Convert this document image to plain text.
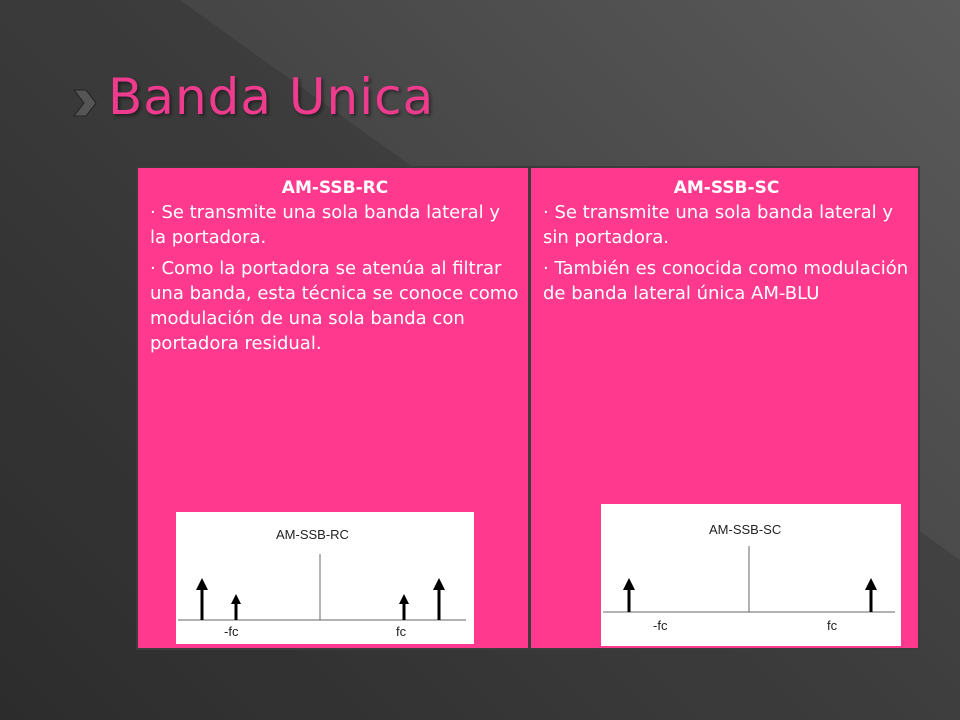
Banda Unica
AM-SSB-RC

· Se transmite una sola banda lateral y la portadora.

· Como la portadora se atenúa al filtrar una banda, esta técnica se conoce como modulación de una sola banda con portadora residual.

AM-SSB-RC
-fc	fc
AM-SSB-SC

· Se transmite una sola banda lateral y sin portadora.

· También es conocida como modulación de banda lateral única AM-BLU

AM-SSB-SC
-fc	fc
